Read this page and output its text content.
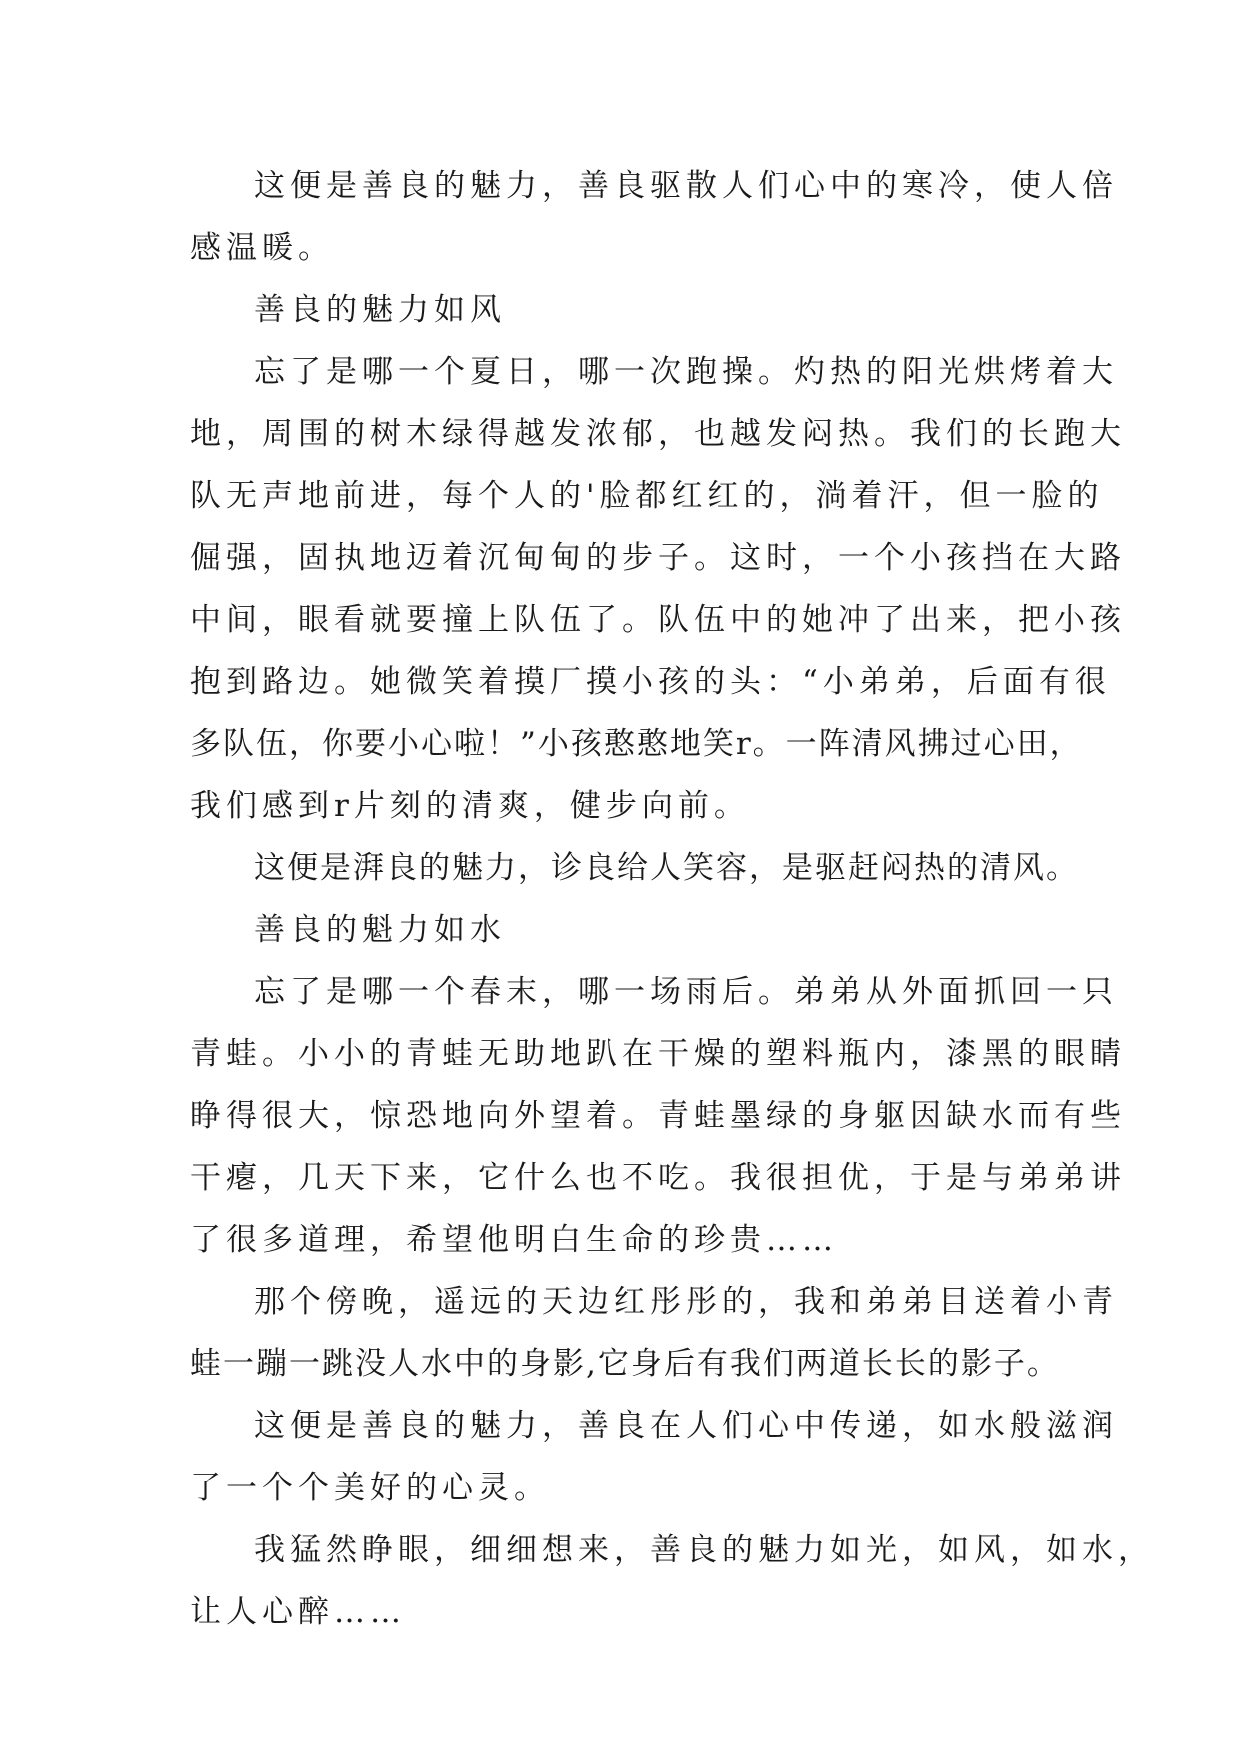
这便是善良的魅力，善良驱散人们心中的寒冷，使人倍
感温暖。
善良的魅力如风
忘了是哪一个夏日，哪一次跑操。灼热的阳光烘烤着大
地，周围的树木绿得越发浓郁，也越发闷热。我们的长跑大
队无声地前进，每个人的'脸都红红的，淌着汗，但一脸的
倔强，固执地迈着沉甸甸的步子。这时，一个小孩挡在大路
中间，眼看就要撞上队伍了。队伍中的她冲了出来，把小孩
抱到路边。她微笑着摸厂摸小孩的头：“小弟弟，后面有很
多队伍，你要小心啦！”小孩憨憨地笑r。一阵清风拂过心田，
我们感到r片刻的清爽，健步向前。
这便是湃良的魅力，诊良给人笑容，是驱赶闷热的清风。
善良的魁力如水
忘了是哪一个春末，哪一场雨后。弟弟从外面抓回一只
青蛙。小小的青蛙无助地趴在干燥的塑料瓶内，漆黑的眼睛
睁得很大，惊恐地向外望着。青蛙墨绿的身躯因缺水而有些
干瘪，几天下来，它什么也不吃。我很担优，于是与弟弟讲
了很多道理，希望他明白生命的珍贵……
那个傍晚，遥远的天边红彤彤的，我和弟弟目送着小青
蛙一蹦一跳没人水中的身影,它身后有我们两道长长的影子。
这便是善良的魅力，善良在人们心中传递，如水般滋润
了一个个美好的心灵。
我猛然睁眼，细细想来，善良的魅力如光，如风，如水，
让人心醉……
